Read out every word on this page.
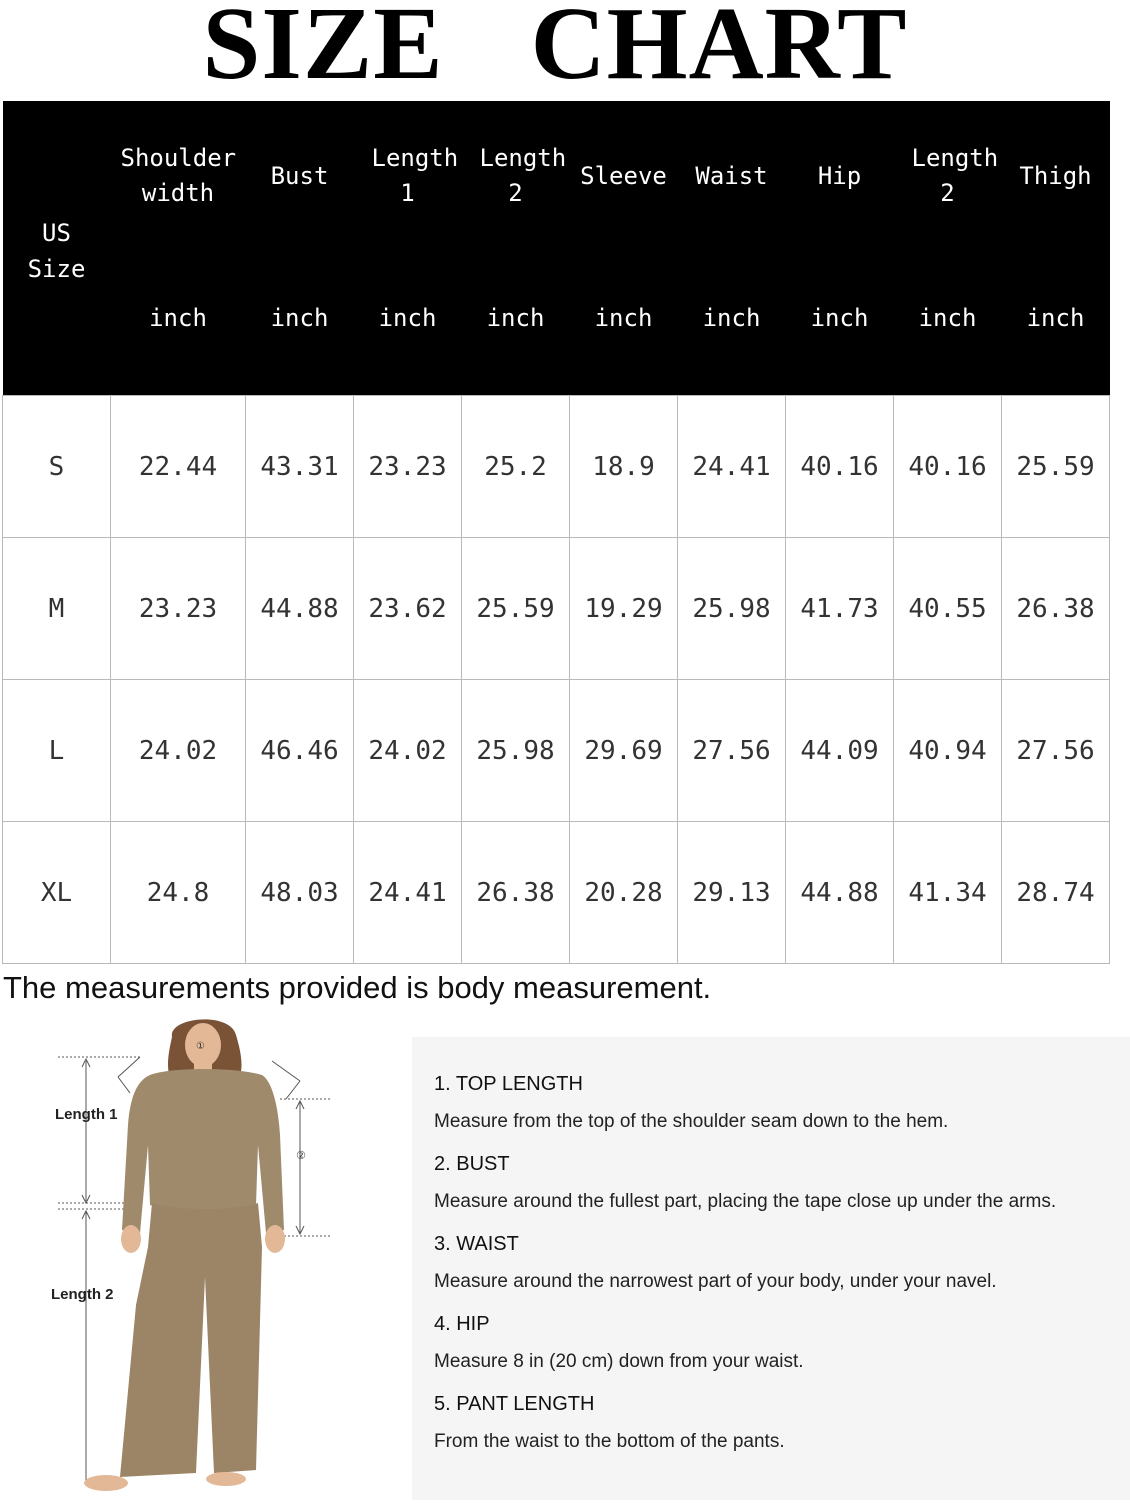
SIZE CHART
US Size	Shoulder width	Bust	Length 1	Length 2	Sleeve	Waist	Hip	Length 2	Thigh
	inch	inch	inch	inch	inch	inch	inch	inch	inch
S	22.44	43.31	23.23	25.2	18.9	24.41	40.16	40.16	25.59
M	23.23	44.88	23.62	25.59	19.29	25.98	41.73	40.55	26.38
L	24.02	46.46	24.02	25.98	29.69	27.56	44.09	40.94	27.56
XL	24.8	48.03	24.41	26.38	20.28	29.13	44.88	41.34	28.74
The measurements provided is body measurement.
②
①
Length 1
Length 2
1. TOP LENGTH
Measure from the top of the shoulder seam down to the hem.
2. BUST
Measure around the fullest part, placing the tape close up under the arms.
3. WAIST
Measure around the narrowest part of your body, under your navel.
4. HIP
Measure 8 in (20 cm) down from your waist.
5. PANT LENGTH
From the waist to the bottom of the pants.
